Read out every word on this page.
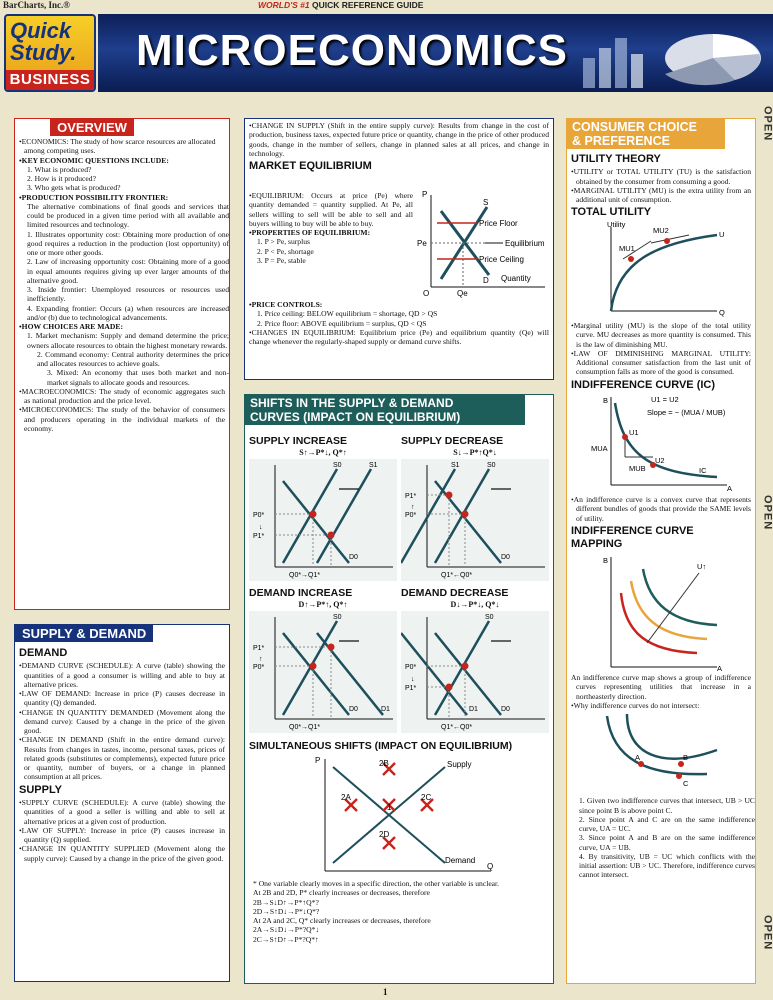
BarCharts, Inc.®	WORLD'S #1 QUICK REFERENCE GUIDE
Quick
Study.
BUSINESS
MICROECONOMICS
OPEN
OPEN
OPEN
OVERVIEW
•ECONOMICS: The study of how scarce resources are allocated among competing uses.
•KEY ECONOMIC QUESTIONS INCLUDE:
1. What is produced?
2. How is it produced?
3. Who gets what is produced?
•PRODUCTION POSSIBILITY FRONTIER:
The alternative combinations of final goods and services that could be produced in a given time period with all available and limited resources and technology.
1. Illustrates opportunity cost: Obtaining more production of one good requires a reduction in the production (lost opportunity) of one or more other goods.
2. Law of increasing opportunity cost: Obtaining more of a good in equal amounts requires giving up ever larger amounts of the alternative good.
3. Inside frontier: Unemployed resources or resources used inefficiently.
4. Expanding frontier: Occurs (a) when resources are increased and/or (b) due to technological advancements.
•HOW CHOICES ARE MADE:
1. Market mechanism: Supply and demand determine the price; owners allocate resources to obtain the highest monetary rewards.
2. Command economy: Central authority determines the price and allocates resources to achieve goals.
3. Mixed: An economy that uses both market and non-market signals to allocate goods and resources.
•MACROECONOMICS: The study of economic aggregates such as national production and the price level.
•MICROECONOMICS: The study of the behavior of consumers and producers operating in the individual markets of the economy.
SUPPLY & DEMAND
DEMAND
•DEMAND CURVE (SCHEDULE): A curve (table) showing the quantities of a good a consumer is willing and able to buy at alternative prices.
•LAW OF DEMAND: Increase in price (P) causes decrease in quantity (Q) demanded.
•CHANGE IN QUANTITY DEMANDED (Movement along the demand curve): Caused by a change in the price of the given good.
•CHANGE IN DEMAND (Shift in the entire demand curve): Results from changes in tastes, income, personal taxes, prices of related goods (substitutes or complements), expected future price or quantity, number of buyers, or a change in planned consumption at all prices.
SUPPLY
•SUPPLY CURVE (SCHEDULE): A curve (table) showing the quantities of a good a seller is willing and able to sell at alternative prices at a given cost of production.
•LAW OF SUPPLY: Increase in price (P) causes increase in quantity (Q) supplied.
•CHANGE IN QUANTITY SUPPLIED (Movement along the supply curve): Caused by a change in the price of the given good.
•CHANGE IN SUPPLY (Shift in the entire supply curve): Results from change in the cost of production, business taxes, expected future price or quantity, change in the price of other produced goods, change in the number of sellers, change in planned sales at all prices, and change in technology.
MARKET EQUILIBRIUM
•EQUILIBRIUM: Occurs at price (Pe) where quantity demanded = quantity supplied. At Pe, all sellers willing to sell will be able to sell and all buyers willing to buy will be able to buy.
•PROPERTIES OF EQUILIBRIUM:
1. P > Pe, surplus
2. P < Pe, shortage
3. P = Pe, stable
•PRICE CONTROLS:
1. Price ceiling: BELOW equilibrium = shortage, QD > QS
2. Price floor: ABOVE equilibrium = surplus, QD < QS
•CHANGES IN EQUILIBRIUM: Equilibrium price (Pe) and equilibrium quantity (Qe) will change whenever the regularly-shaped supply or demand curve shifts.
P
S
D
Pe
O	Qe
Quantity
Price Floor
Equilibrium
Price Ceiling
SHIFTS IN THE SUPPLY & DEMAND
CURVES (IMPACT ON EQUILIBRIUM)
SUPPLY INCREASE
S↑→P*↓, Q*↑
S0	S1
P0*
P1*
D0
Q0*→Q1*
↓
SUPPLY DECREASE
S↓→P*↑Q*↓
S1	S0
P1*
P0*
D0
Q1*←Q0*
↑
DEMAND INCREASE
D↑→P*↑, Q*↑
S0
P1*
P0*
D0	D1
Q0*→Q1*
↑
DEMAND DECREASE
D↓→P*↓, Q*↓
S0
P0*
P1*
D1	D0
Q1*←Q0*
↓
SIMULTANEOUS SHIFTS (IMPACT ON EQUILIBRIUM)
P
Q
Supply
Demand
1
2B
2A	2C
2D
* One variable clearly moves in a specific direction, the other variable is unclear.
At 2B and 2D, P* clearly increases or decreases, therefore
2B→S↓D↑→P*↑Q*?
2D→S↑D↓→P*↓Q*?
At 2A and 2C, Q* clearly increases or decreases, therefore
2A→S↓D↓→P*?Q*↓
2C→S↑D↑→P*?Q*↑
CONSUMER CHOICE
& PREFERENCE
UTILITY THEORY
•UTILITY or TOTAL UTILITY (TU) is the satisfaction obtained by the consumer from consuming a good.
•MARGINAL UTILITY (MU) is the extra utility from an additional unit of consumption.
TOTAL UTILITY
Utility
MU1
MU2	U
Q
•Marginal utility (MU) is the slope of the total utility curve. MU decreases as more quantity is consumed. This is the law of diminishing MU.
•LAW OF DIMINISHING MARGINAL UTILITY: Additional consumer satisfaction from the last unit of consumption falls as more of the good is consumed.
INDIFFERENCE CURVE (IC)
B	U1 = U2
Slope = − (MUA / MUB)
U1
U2
MUA
MUB	IC
A
•An indifference curve is a convex curve that represents different bundles of goods that provide the SAME levels of utility.
INDIFFERENCE CURVE
MAPPING
B
A
U↑
An indifference curve map shows a group of indifference curves representing utilities that increase in a northeasterly direction.
•Why indifference curves do not intersect:
A	B
C
1. Given two indifference curves that intersect, UB > UC since point B is above point C.
2. Since point A and C are on the same indifference curve, UA = UC.
3. Since point A and B are on the same indifference curve, UA = UB.
4. By transitivity, UB = UC which conflicts with the initial assertion: UB > UC. Therefore, indifference curves cannot intersect.
1
